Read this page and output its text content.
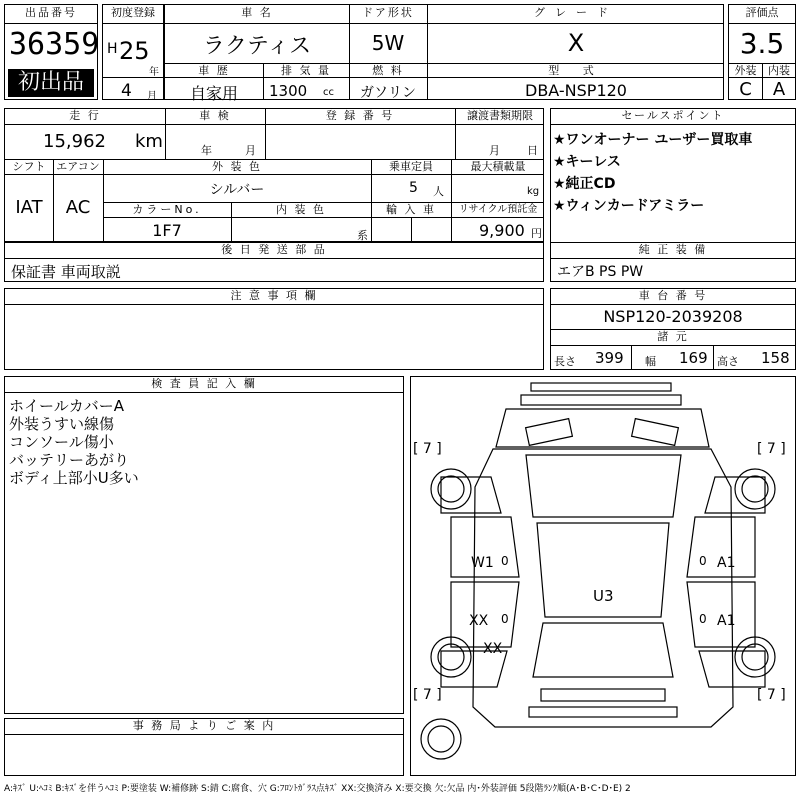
出品番号
36359
初出品
初度登録
H 25
年
4 月
車 名
ラクティス
ドア形状
5W
グレード
X
車 歴
自家用
排 気 量
1300 cc
燃 料
ガソリン
型 式
DBA-NSP120
評価点
3.5
外装	内装
C	A
走 行
15,962 km
車 検
年	月
登 録 番 号	譲渡書類期限
月 日
シフト エアコン
IAT	AC
外 装 色
シルバー
乗車定員
5 人
最大積載量
kg
カラーNo.
1F7
内 装 色
系
輸 入 車	リサイクル預託金
9,900 円
後 日 発 送 部 品
保証書 車両取説
注 意 事 項 欄
セールスポイント
★ワンオーナー ユーザー買取車
★キーレス
★純正CD
★ウィンカードアミラー
純 正 装 備
エアB PS PW
車 台 番 号
NSP120-2039208
諸 元
長さ 399 幅 169 高さ 158
検 査 員 記 入 欄
ホイールカバーA
外装うすい線傷
コンソール傷小
バッテリーあがり
ボディ上部小U多い
事 務 局 よ り ご 案 内
[ 7 ]	[ 7 ]
[ 7 ]	[ 7 ]
U3
W1 0	A1
0
XX 0	A1
0
XX
A:ｷｽﾞ U:ﾍｺﾐ B:ｷｽﾞを伴うﾍｺﾐ P:要塗装 W:補修跡 S:錆 C:腐食、穴 G:ﾌﾛﾝﾄｶﾞﾗｽ点ｷｽﾞ XX:交換済み X:要交換 欠:欠品 内･外装評価 5段階ﾗﾝｸ順(A･B･C･D･E) 2
